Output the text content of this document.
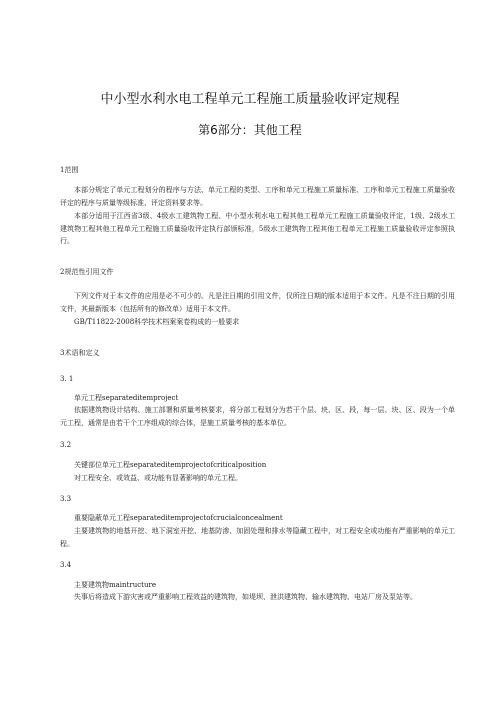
中小型水利水电工程单元工程施工质量验收评定规程
第6部分：其他工程
1范围
本部分规定了单元工程划分的程序与方法、单元工程的类型、工序和单元工程施工质量标准、工序和单元工程施工质量验收评定的程序与质量等级标准、评定资料要求等。
本部分适用于江西省3级、4级水工建筑物工程、中小型水利水电工程其他工程单元工程施工质量验收评定，1级、2级水工建筑物工程其他工程单元工程施工质量验收评定执行部颁标准，5级水工建筑物工程其他工程单元工程施工质量验收评定参照执行。
2规范性引用文件
下列文件对于本文件的应用是必不可少的。凡是注日期的引用文件，仅所注日期的版本适用于本文件。凡是不注日期的引用文件，其最新版本（包括所有的修改单）适用于本文件。
GB/T11822-2008科学技术档案案卷构成的一般要求
3术语和定义
3. 1
单元工程separateditemproject
依据建筑物设计结构、施工部署和质量考核要求，将分部工程划分为若干个层、块、区、段，每一层、块、区、段为一个单元工程，通常是由若干个工序组成的综合体，是施工质量考核的基本单位。
3.2
关键部位单元工程separateditemprojectofcriticalposition
对工程安全、或效益、或功能有显著影响的单元工程。
3.3
重要隐蔽单元工程separateditemprojectofcrucialconcealment
主要建筑物的地基开挖、地下洞室开挖、地基防渗、加固处理和排水等隐藏工程中，对工程安全或功能有严重影响的单元工程。
3.4
主要建筑物maintructure
失事后将造成下游灾害或严重影响工程效益的建筑物，如堤坝、泄洪建筑物、输水建筑物、电站厂房及泵站等。
